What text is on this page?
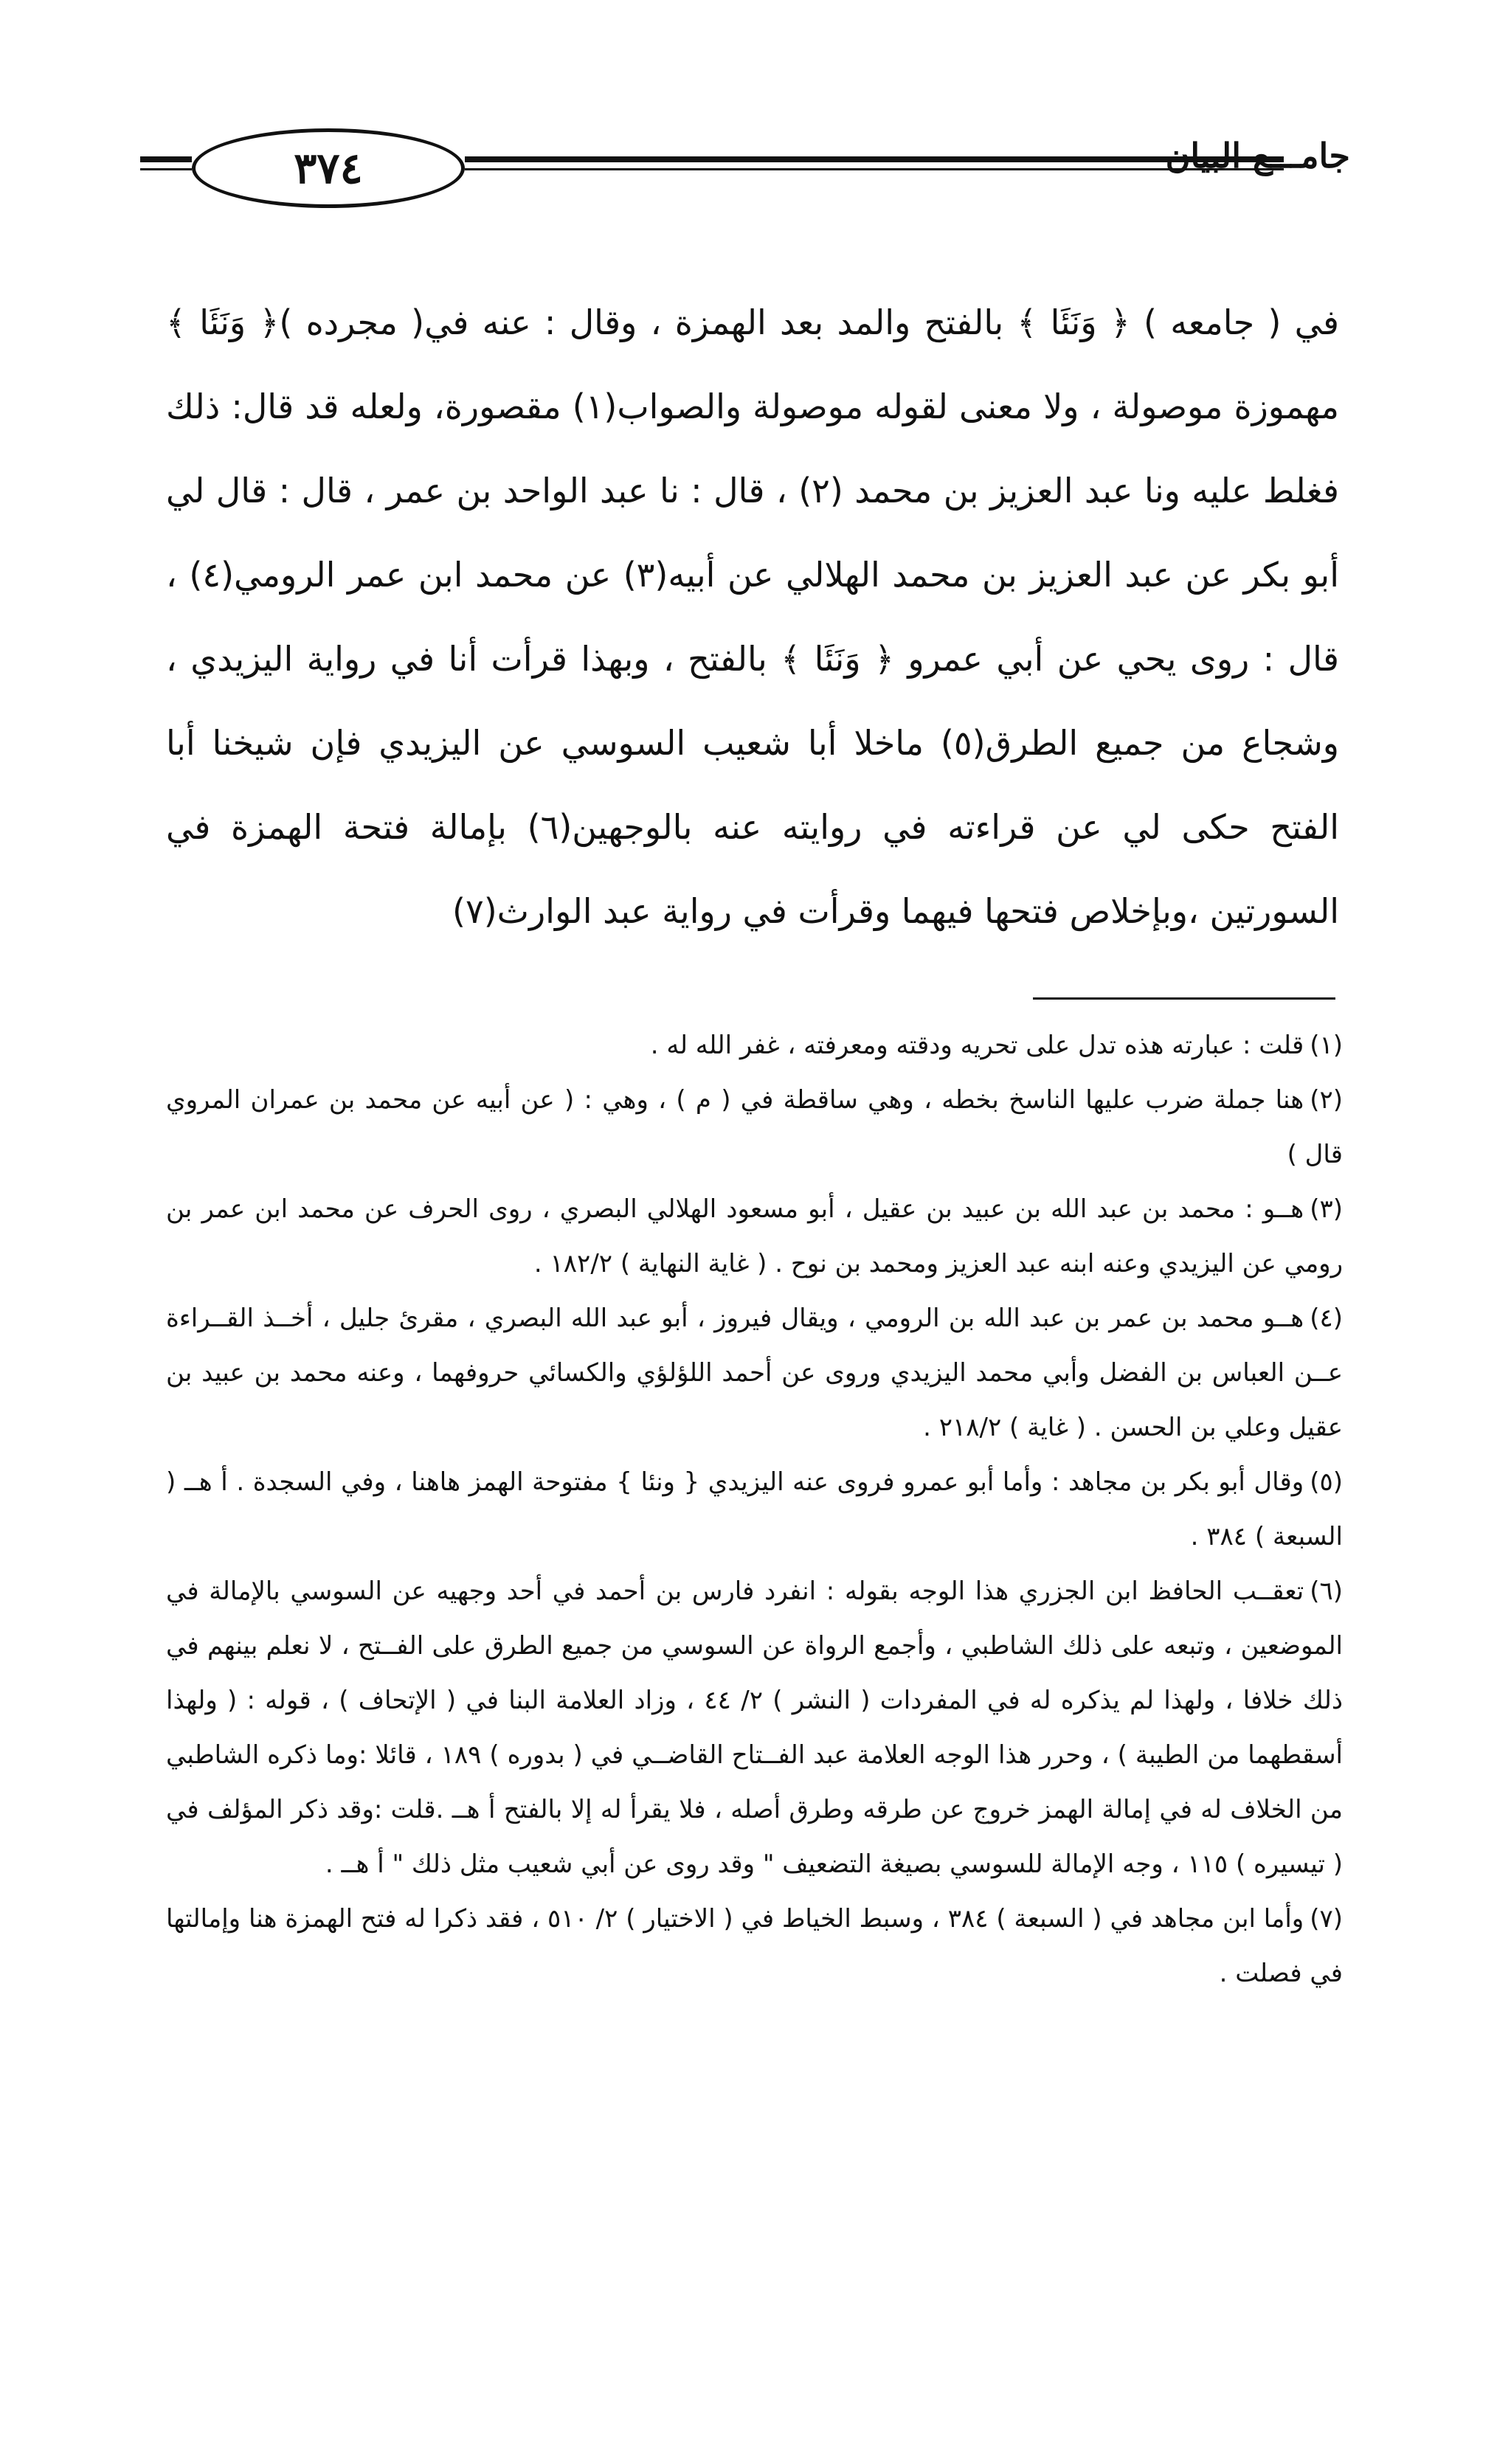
٣٧٤	جامـــع البيان

في ( جامعه ) ﴿ وَنَئَا ﴾ بالفتح والمد بعد الهمزة ، وقال : عنه في( مجرده )﴿ وَنَئَا ﴾ مهموزة موصولة ، ولا معنى لقوله موصولة والصواب(١) مقصورة، ولعله قد قال: ذلك فغلط عليه ونا عبد العزيز بن محمد (٢) ، قال : نا عبد الواحد بن عمر ، قال : قال لي أبو بكر عن عبد العزيز بن محمد الهلالي عن أبيه(٣) عن محمد ابن عمر الرومي(٤) ، قال : روى يحي عن أبي عمرو ﴿ وَنَئَا ﴾ بالفتح ، وبهذا قرأت أنا في رواية اليزيدي ، وشجاع من جميع الطرق(٥) ماخلا أبا شعيب السوسي عن اليزيدي فإن شيخنا أبا الفتح حكى لي عن قراءته في روايته عنه بالوجهين(٦) بإمالة فتحة الهمزة في السورتين ،وبإخلاص فتحها فيهما وقرأت في رواية عبد الوارث(٧)

(١)قلت : عبارته هذه تدل على تحريه ودقته ومعرفته ، غفر الله له .
(٢)هنا جملة ضرب عليها الناسخ بخطه ، وهي ساقطة في ( م ) ، وهي : ( عن أبيه عن محمد بن عمران المروي قال )
(٣)هــو : محمد بن عبد الله بن عبيد بن عقيل ، أبو مسعود الهلالي البصري ، روى الحرف عن محمد ابن عمر بن رومي عن اليزيدي وعنه ابنه عبد العزيز ومحمد بن نوح . ( غاية النهاية ) ١٨٢/٢ .
(٤)هــو محمد بن عمر بن عبد الله بن الرومي ، ويقال فيروز ، أبو عبد الله البصري ، مقرئ جليل ، أخــذ القــراءة عــن العباس بن الفضل وأبي محمد اليزيدي وروى عن أحمد اللؤلؤي والكسائي حروفهما ، وعنه محمد بن عبيد بن عقيل وعلي بن الحسن . ( غاية ) ٢١٨/٢ .
(٥)وقال أبو بكر بن مجاهد : وأما أبو عمرو فروى عنه اليزيدي { ونئا } مفتوحة الهمز هاهنا ، وفي السجدة . أ هــ ( السبعة ) ٣٨٤ .
(٦)تعقــب الحافظ ابن الجزري هذا الوجه بقوله : انفرد فارس بن أحمد في أحد وجهيه عن السوسي بالإمالة في الموضعين ، وتبعه على ذلك الشاطبي ، وأجمع الرواة عن السوسي من جميع الطرق على الفــتح ، لا نعلم بينهم في ذلك خلافا ، ولهذا لم يذكره له في المفردات ( النشر ) ٢/ ٤٤ ، وزاد العلامة البنا في ( الإتحاف ) ، قوله : ( ولهذا أسقطهما من الطيبة ) ، وحرر هذا الوجه العلامة عبد الفــتاح القاضــي في ( بدوره ) ١٨٩ ، قائلا :وما ذكره الشاطبي من الخلاف له في إمالة الهمز خروج عن طرقه وطرق أصله ، فلا يقرأ له إلا بالفتح أ هــ .قلت :وقد ذكر المؤلف في ( تيسيره ) ١١٥ ، وجه الإمالة للسوسي بصيغة التضعيف " وقد روى عن أبي شعيب مثل ذلك " أ هــ .
(٧)وأما ابن مجاهد في ( السبعة ) ٣٨٤ ، وسبط الخياط في ( الاختيار ) ٢/ ٥١٠ ، فقد ذكرا له فتح الهمزة هنا وإمالتها في فصلت .
